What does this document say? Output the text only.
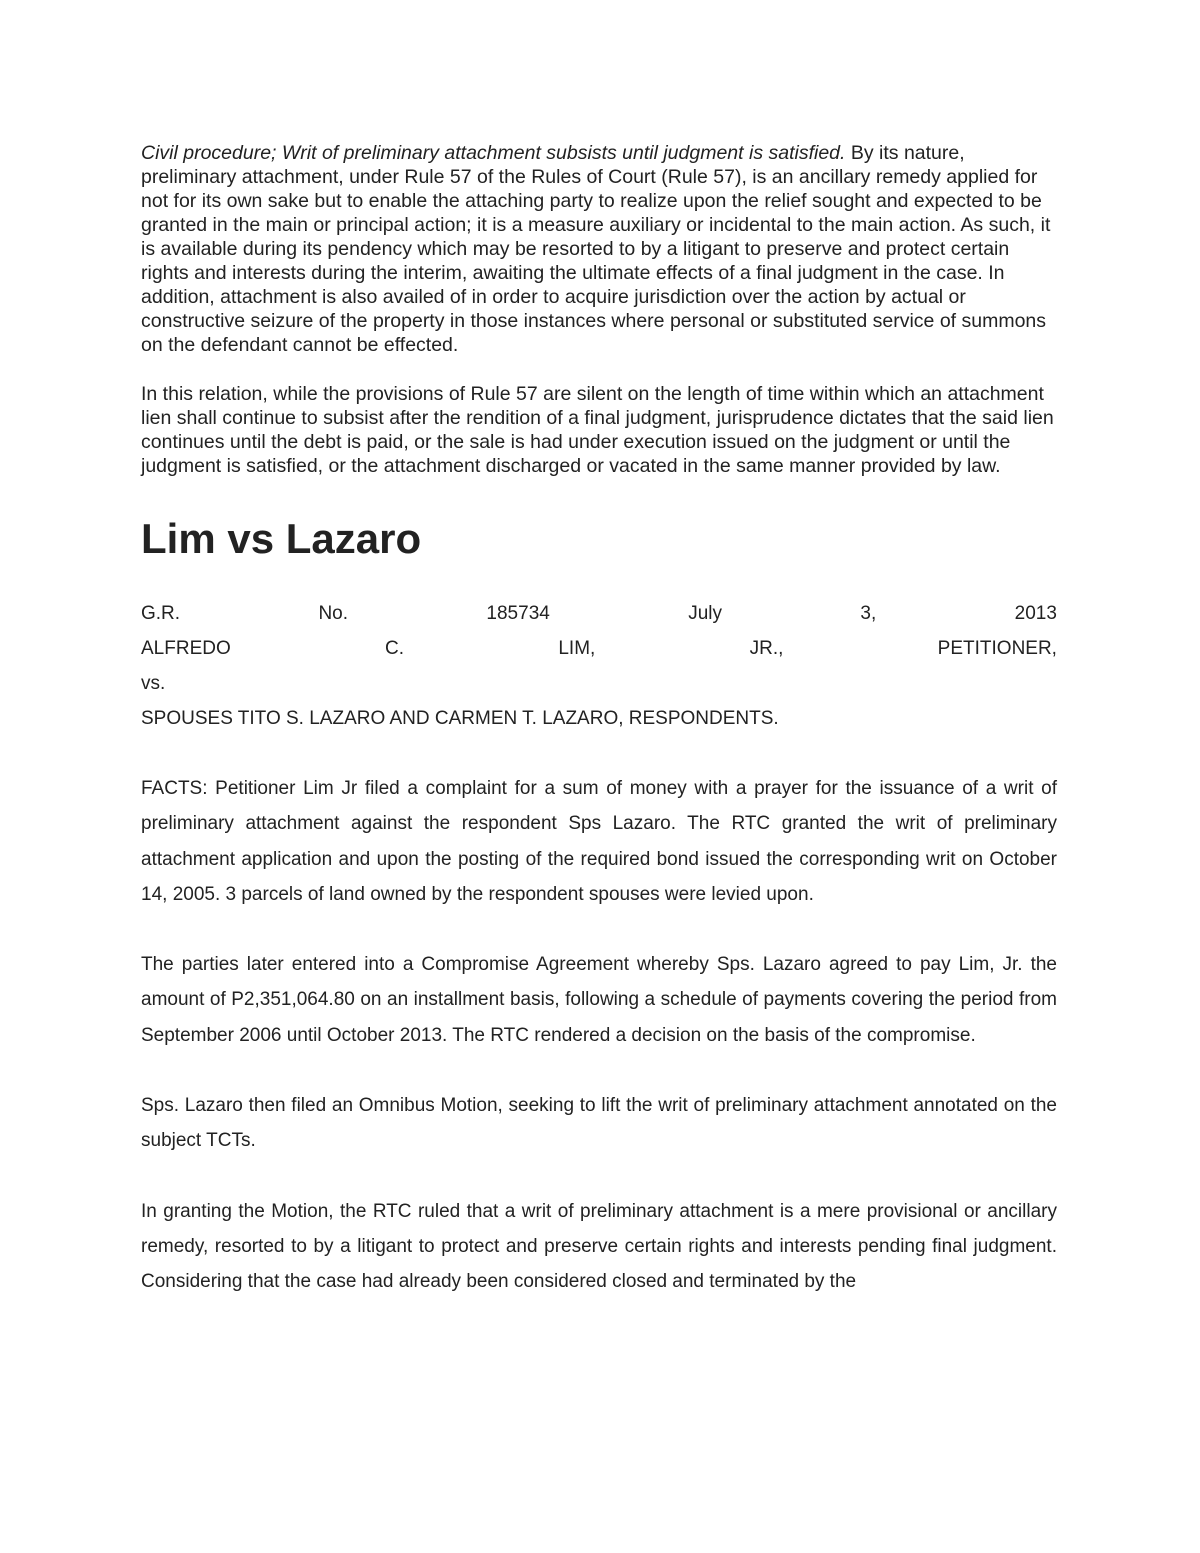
Civil procedure; Writ of preliminary attachment subsists until judgment is satisfied. By its nature, preliminary attachment, under Rule 57 of the Rules of Court (Rule 57), is an ancillary remedy applied for not for its own sake but to enable the attaching party to realize upon the relief sought and expected to be granted in the main or principal action; it is a measure auxiliary or incidental to the main action. As such, it is available during its pendency which may be resorted to by a litigant to preserve and protect certain rights and interests during the interim, awaiting the ultimate effects of a final judgment in the case. In addition, attachment is also availed of in order to acquire jurisdiction over the action by actual or constructive seizure of the property in those instances where personal or substituted service of summons on the defendant cannot be effected.

In this relation, while the provisions of Rule 57 are silent on the length of time within which an attachment lien shall continue to subsist after the rendition of a final judgment, jurisprudence dictates that the said lien continues until the debt is paid, or the sale is had under execution issued on the judgment or until the judgment is satisfied, or the attachment discharged or vacated in the same manner provided by law.

Lim vs Lazaro
G.R.	No.	185734	July	3,	2013
ALFREDO	C.	LIM,	JR.,	PETITIONER,
vs.
SPOUSES TITO S. LAZARO AND CARMEN T. LAZARO, RESPONDENTS.

FACTS: Petitioner Lim Jr filed a complaint for a sum of money with a prayer for the issuance of a writ of preliminary attachment against the respondent Sps Lazaro. The RTC granted the writ of preliminary attachment application and upon the posting of the required bond issued the corresponding writ on October 14, 2005. 3 parcels of land owned by the respondent spouses were levied upon.

The parties later entered into a Compromise Agreement whereby Sps. Lazaro agreed to pay Lim, Jr. the amount of P2,351,064.80 on an installment basis, following a schedule of payments covering the period from September 2006 until October 2013. The RTC rendered a decision on the basis of the compromise.

Sps. Lazaro then filed an Omnibus Motion, seeking to lift the writ of preliminary attachment annotated on the subject TCTs.

In granting the Motion, the RTC ruled that a writ of preliminary attachment is a mere provisional or ancillary remedy, resorted to by a litigant to protect and preserve certain rights and interests pending final judgment. Considering that the case had already been considered closed and terminated by the
